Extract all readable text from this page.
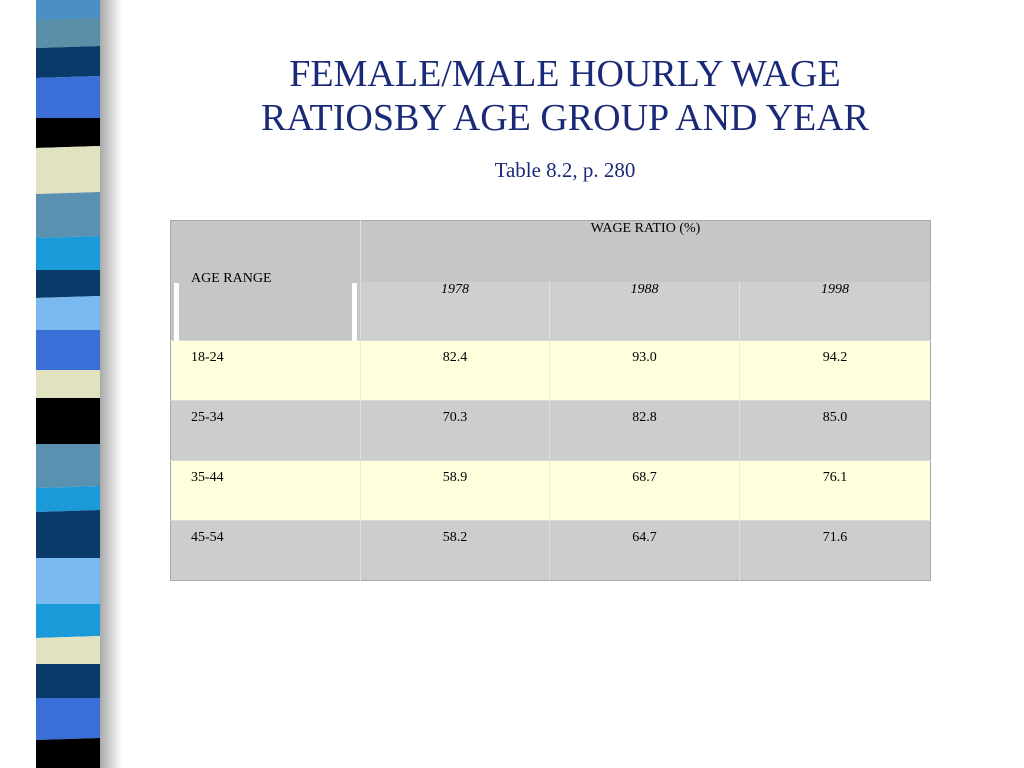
FEMALE/MALE HOURLY WAGE
RATIOSBY AGE GROUP AND YEAR
Table 8.2, p. 280
AGE RANGE	WAGE RATIO (%)		
	1978	1988	1998
18-24	82.4	93.0	94.2
25-34	70.3	82.8	85.0
35-44	58.9	68.7	76.1
45-54	58.2	64.7	71.6
